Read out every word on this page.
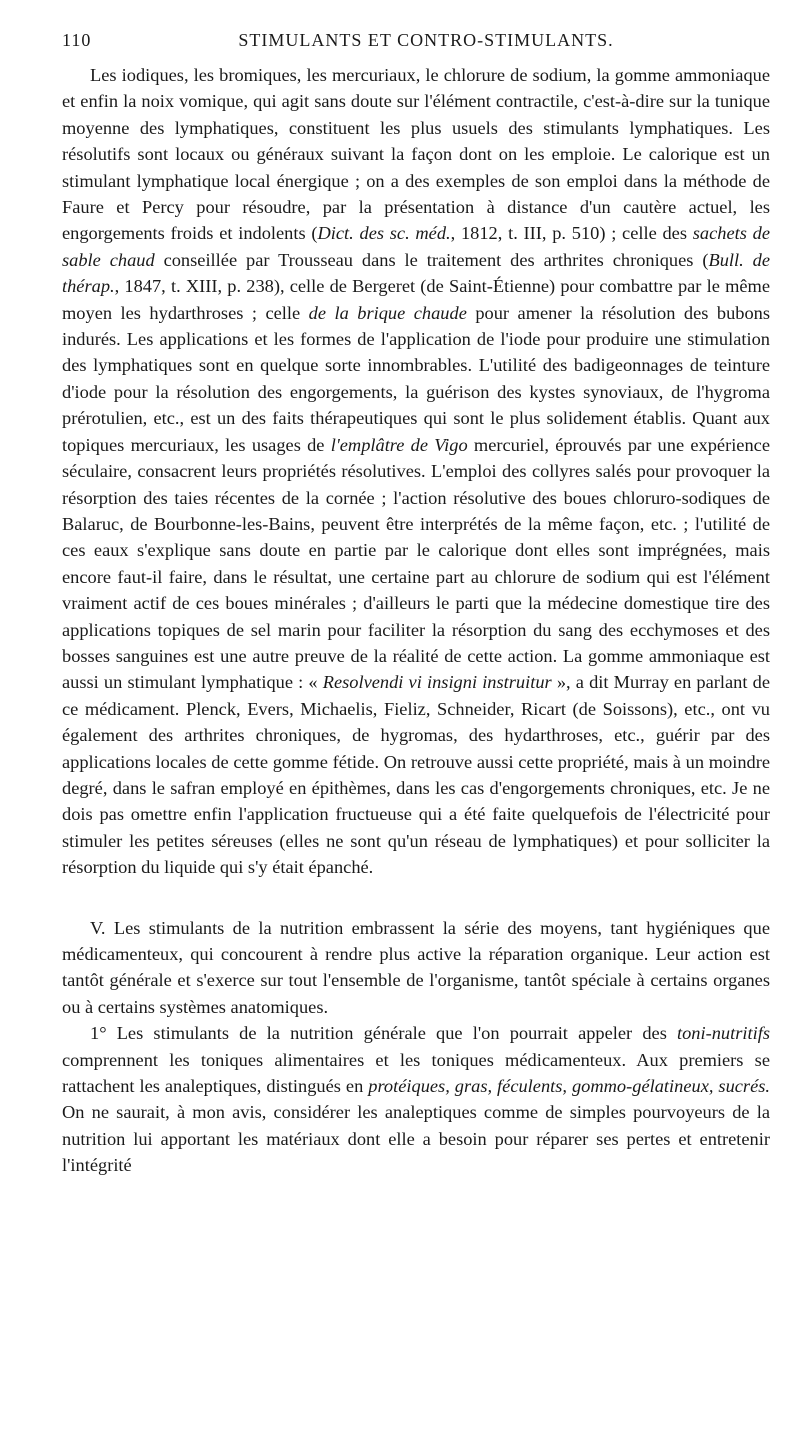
110	STIMULANTS ET CONTRO-STIMULANTS.

Les iodiques, les bromiques, les mercuriaux, le chlorure de sodium, la gomme ammoniaque et enfin la noix vomique, qui agit sans doute sur l'élément contractile, c'est-à-dire sur la tunique moyenne des lymphatiques, constituent les plus usuels des stimulants lymphatiques. Les résolutifs sont locaux ou généraux suivant la façon dont on les emploie. Le calorique est un stimulant lymphatique local énergique ; on a des exemples de son emploi dans la méthode de Faure et Percy pour résoudre, par la présentation à distance d'un cautère actuel, les engorgements froids et indolents (Dict. des sc. méd., 1812, t. III, p. 510) ; celle des sachets de sable chaud conseillée par Trousseau dans le traitement des arthrites chroniques (Bull. de thérap., 1847, t. XIII, p. 238), celle de Bergeret (de Saint-Étienne) pour combattre par le même moyen les hydarthroses ; celle de la brique chaude pour amener la résolution des bubons indurés. Les applications et les formes de l'application de l'iode pour produire une stimulation des lymphatiques sont en quelque sorte innombrables. L'utilité des badigeonnages de teinture d'iode pour la résolution des engorgements, la guérison des kystes synoviaux, de l'hygroma prérotulien, etc., est un des faits thérapeutiques qui sont le plus solidement établis. Quant aux topiques mercuriaux, les usages de l'emplâtre de Vigo mercuriel, éprouvés par une expérience séculaire, consacrent leurs propriétés résolutives. L'emploi des collyres salés pour provoquer la résorption des taies récentes de la cornée ; l'action résolutive des boues chloruro-sodiques de Balaruc, de Bourbonne-les-Bains, peuvent être interprétés de la même façon, etc. ; l'utilité de ces eaux s'explique sans doute en partie par le calorique dont elles sont imprégnées, mais encore faut-il faire, dans le résultat, une certaine part au chlorure de sodium qui est l'élément vraiment actif de ces boues minérales ; d'ailleurs le parti que la médecine domestique tire des applications topiques de sel marin pour faciliter la résorption du sang des ecchymoses et des bosses sanguines est une autre preuve de la réalité de cette action. La gomme ammoniaque est aussi un stimulant lymphatique : « Resolvendi vi insigni instruitur », a dit Murray en parlant de ce médicament. Plenck, Evers, Michaelis, Fieliz, Schneider, Ricart (de Soissons), etc., ont vu également des arthrites chroniques, de hygromas, des hydarthroses, etc., guérir par des applications locales de cette gomme fétide. On retrouve aussi cette propriété, mais à un moindre degré, dans le safran employé en épithèmes, dans les cas d'engorgements chroniques, etc. Je ne dois pas omettre enfin l'application fructueuse qui a été faite quelquefois de l'électricité pour stimuler les petites séreuses (elles ne sont qu'un réseau de lymphatiques) et pour solliciter la résorption du liquide qui s'y était épanché.

V. Les stimulants de la nutrition embrassent la série des moyens, tant hygiéniques que médicamenteux, qui concourent à rendre plus active la réparation organique. Leur action est tantôt générale et s'exerce sur tout l'ensemble de l'organisme, tantôt spéciale à certains organes ou à certains systèmes anatomiques.

1° Les stimulants de la nutrition générale que l'on pourrait appeler des toni-nutritifs comprennent les toniques alimentaires et les toniques médicamenteux. Aux premiers se rattachent les analeptiques, distingués en protéiques, gras, féculents, gommo-gélatineux, sucrés. On ne saurait, à mon avis, considérer les analeptiques comme de simples pourvoyeurs de la nutrition lui apportant les matériaux dont elle a besoin pour réparer ses pertes et entretenir l'intégrité
